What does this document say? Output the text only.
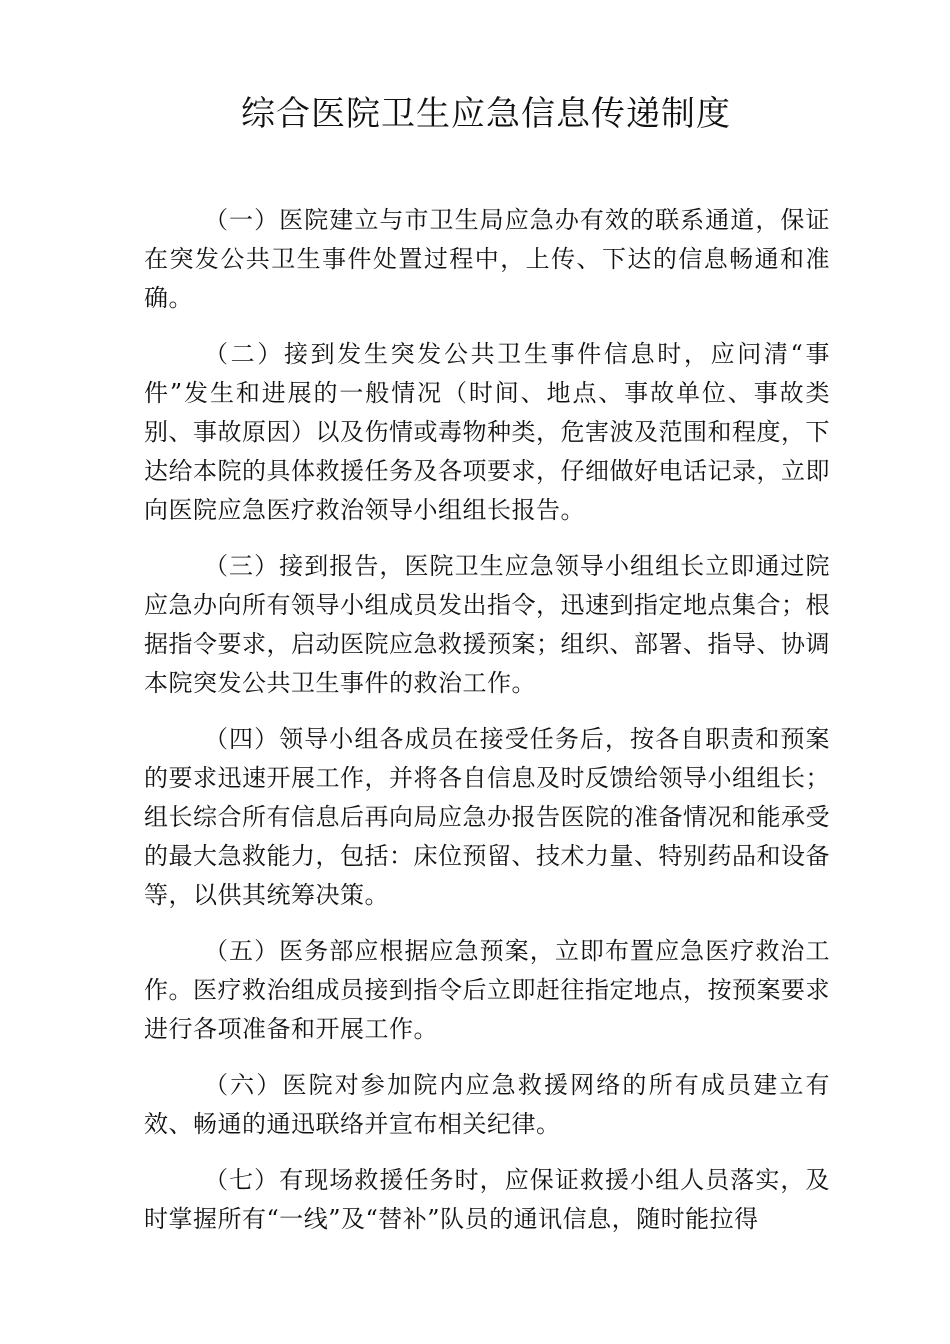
综合医院卫生应急信息传递制度

（一）医院建立与市卫生局应急办有效的联系通道，保证在突发公共卫生事件处置过程中，上传、下达的信息畅通和准确。

（二）接到发生突发公共卫生事件信息时，应问清“事件”发生和进展的一般情况（时间、地点、事故单位、事故类别、事故原因）以及伤情或毒物种类，危害波及范围和程度，下达给本院的具体救援任务及各项要求，仔细做好电话记录，立即向医院应急医疗救治领导小组组长报告。

（三）接到报告，医院卫生应急领导小组组长立即通过院应急办向所有领导小组成员发出指令，迅速到指定地点集合；根据指令要求，启动医院应急救援预案；组织、部署、指导、协调本院突发公共卫生事件的救治工作。

（四）领导小组各成员在接受任务后，按各自职责和预案的要求迅速开展工作，并将各自信息及时反馈给领导小组组长；组长综合所有信息后再向局应急办报告医院的准备情况和能承受的最大急救能力，包括：床位预留、技术力量、特别药品和设备等，以供其统筹决策。

（五）医务部应根据应急预案，立即布置应急医疗救治工作。医疗救治组成员接到指令后立即赶往指定地点，按预案要求进行各项准备和开展工作。

（六）医院对参加院内应急救援网络的所有成员建立有效、畅通的通迅联络并宣布相关纪律。

（七）有现场救援任务时，应保证救援小组人员落实，及时掌握所有“一线”及“替补”队员的通讯信息，随时能拉得
